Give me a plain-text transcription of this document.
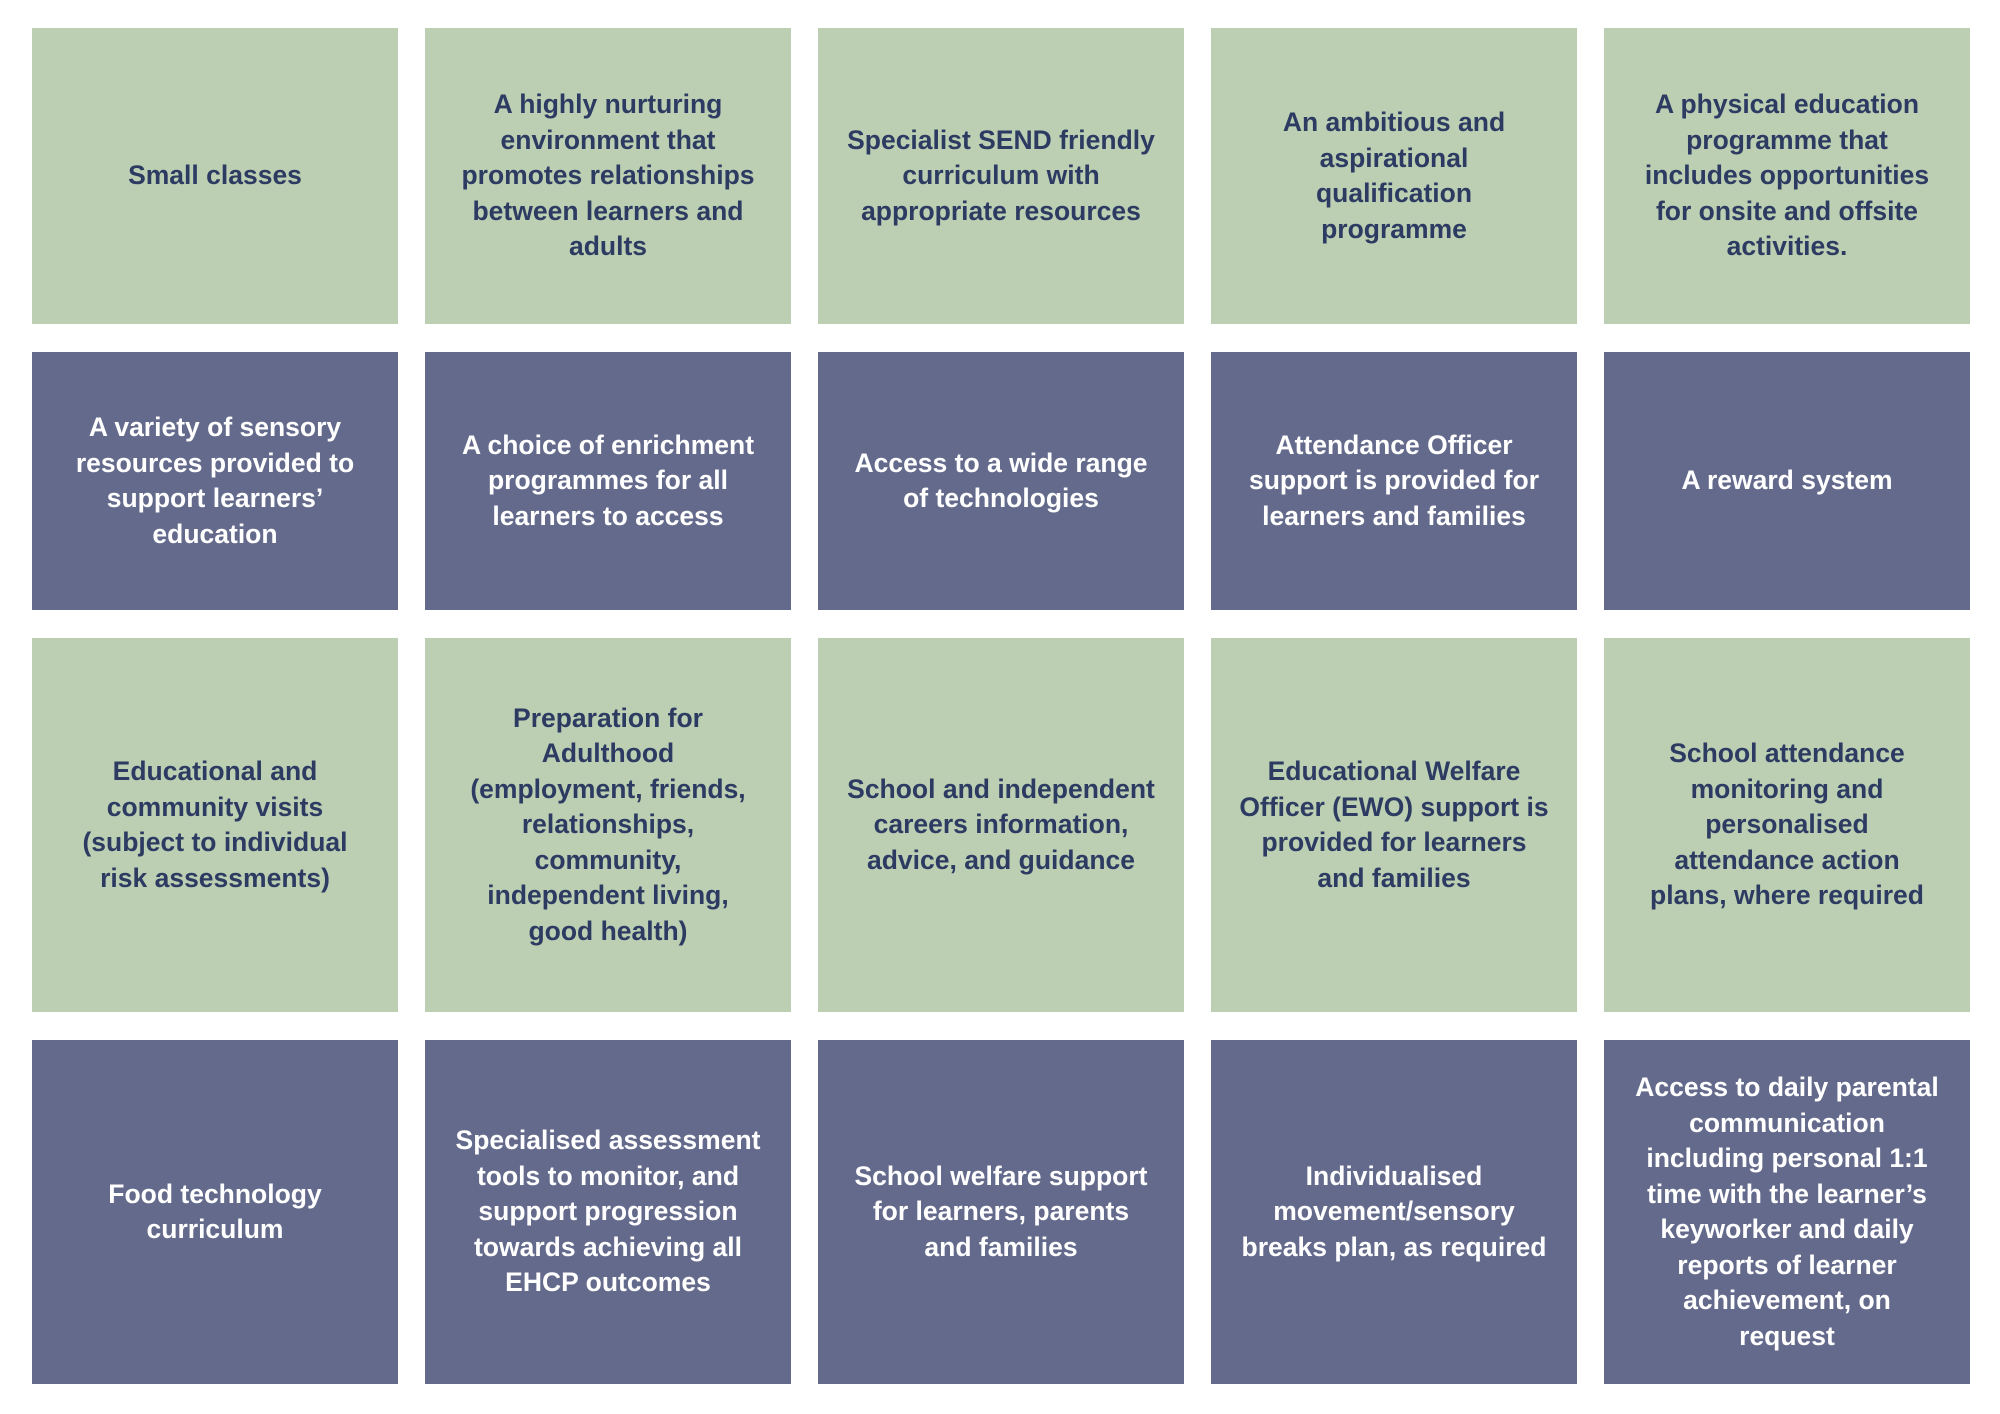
Small classes
A highly nurturing
environment that
promotes relationships
between learners and
adults
Specialist SEND friendly
curriculum with
appropriate resources
An ambitious and
aspirational
qualification
programme
A physical education
programme that
includes opportunities
for onsite and offsite
activities.
A variety of sensory
resources provided to
support learners’
education
A choice of enrichment
programmes for all
learners to access
Access to a wide range
of technologies
Attendance Officer
support is provided for
learners and families
A reward system
Educational and
community visits
(subject to individual
risk assessments)
Preparation for
Adulthood
(employment, friends,
relationships,
community,
independent living,
good health)
School and independent
careers information,
advice, and guidance
Educational Welfare
Officer (EWO) support is
provided for learners
and families
School attendance
monitoring and
personalised
attendance action
plans, where required
Food technology
curriculum
Specialised assessment
tools to monitor, and
support progression
towards achieving all
EHCP outcomes
School welfare support
for learners, parents
and families
Individualised
movement/sensory
breaks plan, as required
Access to daily parental
communication
including personal 1:1
time with the learner’s
keyworker and daily
reports of learner
achievement, on
request
